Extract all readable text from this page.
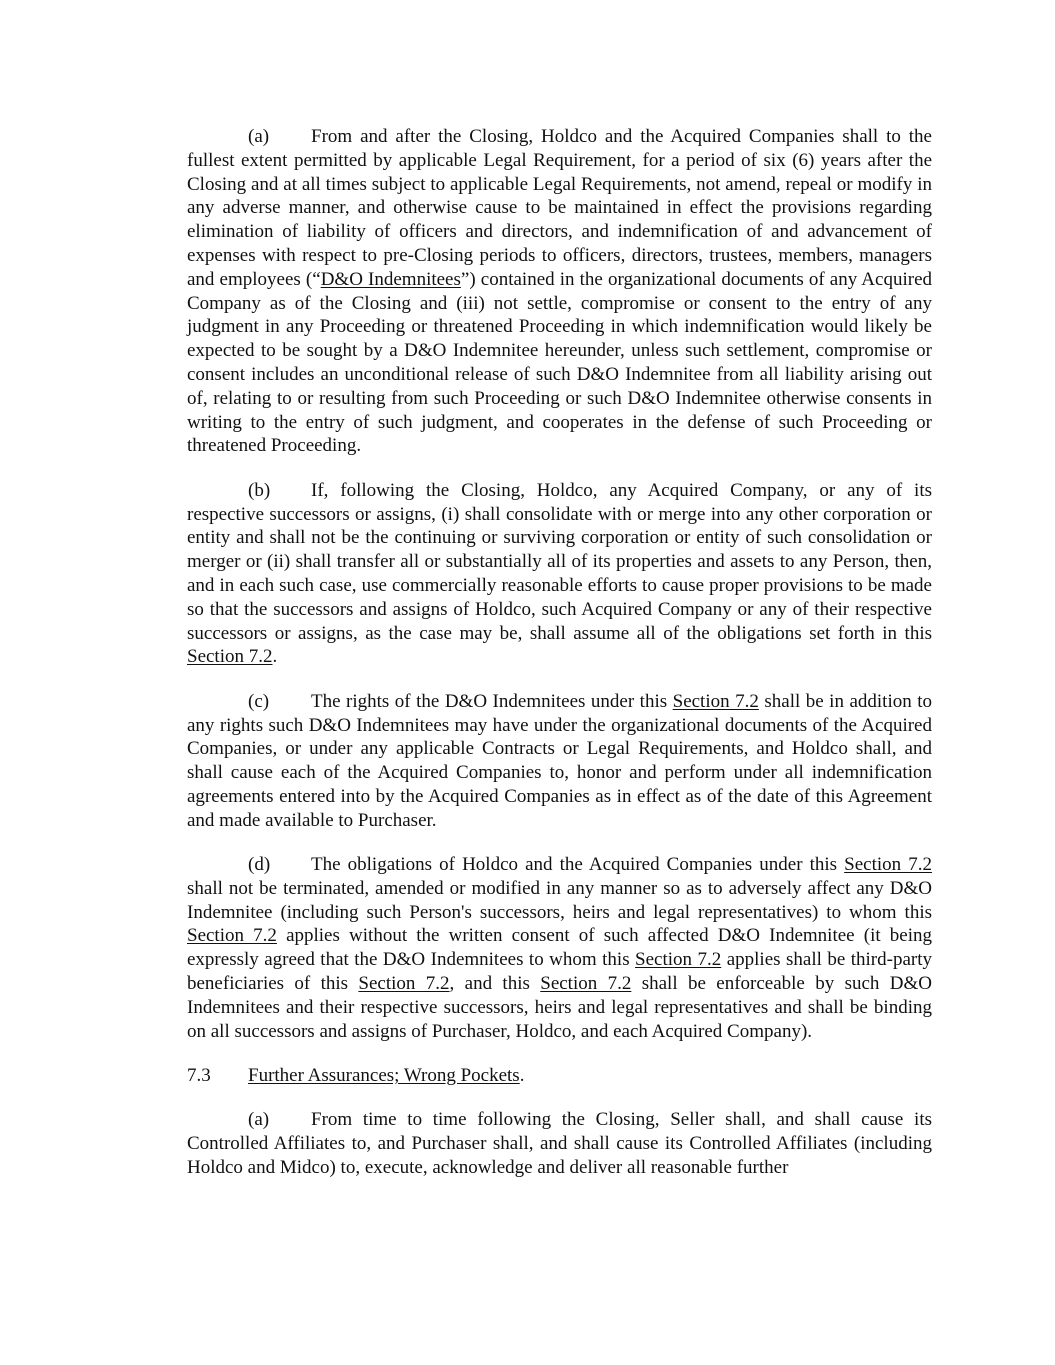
(a) From and after the Closing, Holdco and the Acquired Companies shall to the fullest extent permitted by applicable Legal Requirement, for a period of six (6) years after the Closing and at all times subject to applicable Legal Requirements, not amend, repeal or modify in any adverse manner, and otherwise cause to be maintained in effect the provisions regarding elimination of liability of officers and directors, and indemnification of and advancement of expenses with respect to pre-Closing periods to officers, directors, trustees, members, managers and employees (“D&O Indemnitees”) contained in the organizational documents of any Acquired Company as of the Closing and (iii) not settle, compromise or consent to the entry of any judgment in any Proceeding or threatened Proceeding in which indemnification would likely be expected to be sought by a D&O Indemnitee hereunder, unless such settlement, compromise or consent includes an unconditional release of such D&O Indemnitee from all liability arising out of, relating to or resulting from such Proceeding or such D&O Indemnitee otherwise consents in writing to the entry of such judgment, and cooperates in the defense of such Proceeding or threatened Proceeding.

(b) If, following the Closing, Holdco, any Acquired Company, or any of its respective successors or assigns, (i) shall consolidate with or merge into any other corporation or entity and shall not be the continuing or surviving corporation or entity of such consolidation or merger or (ii) shall transfer all or substantially all of its properties and assets to any Person, then, and in each such case, use commercially reasonable efforts to cause proper provisions to be made so that the successors and assigns of Holdco, such Acquired Company or any of their respective successors or assigns, as the case may be, shall assume all of the obligations set forth in this Section 7.2.

(c) The rights of the D&O Indemnitees under this Section 7.2 shall be in addition to any rights such D&O Indemnitees may have under the organizational documents of the Acquired Companies, or under any applicable Contracts or Legal Requirements, and Holdco shall, and shall cause each of the Acquired Companies to, honor and perform under all indemnification agreements entered into by the Acquired Companies as in effect as of the date of this Agreement and made available to Purchaser.

(d) The obligations of Holdco and the Acquired Companies under this Section 7.2 shall not be terminated, amended or modified in any manner so as to adversely affect any D&O Indemnitee (including such Person's successors, heirs and legal representatives) to whom this Section 7.2 applies without the written consent of such affected D&O Indemnitee (it being expressly agreed that the D&O Indemnitees to whom this Section 7.2 applies shall be third-party beneficiaries of this Section 7.2, and this Section 7.2 shall be enforceable by such D&O Indemnitees and their respective successors, heirs and legal representatives and shall be binding on all successors and assigns of Purchaser, Holdco, and each Acquired Company).

7.3 Further Assurances; Wrong Pockets.

(a) From time to time following the Closing, Seller shall, and shall cause its Controlled Affiliates to, and Purchaser shall, and shall cause its Controlled Affiliates (including Holdco and Midco) to, execute, acknowledge and deliver all reasonable further
